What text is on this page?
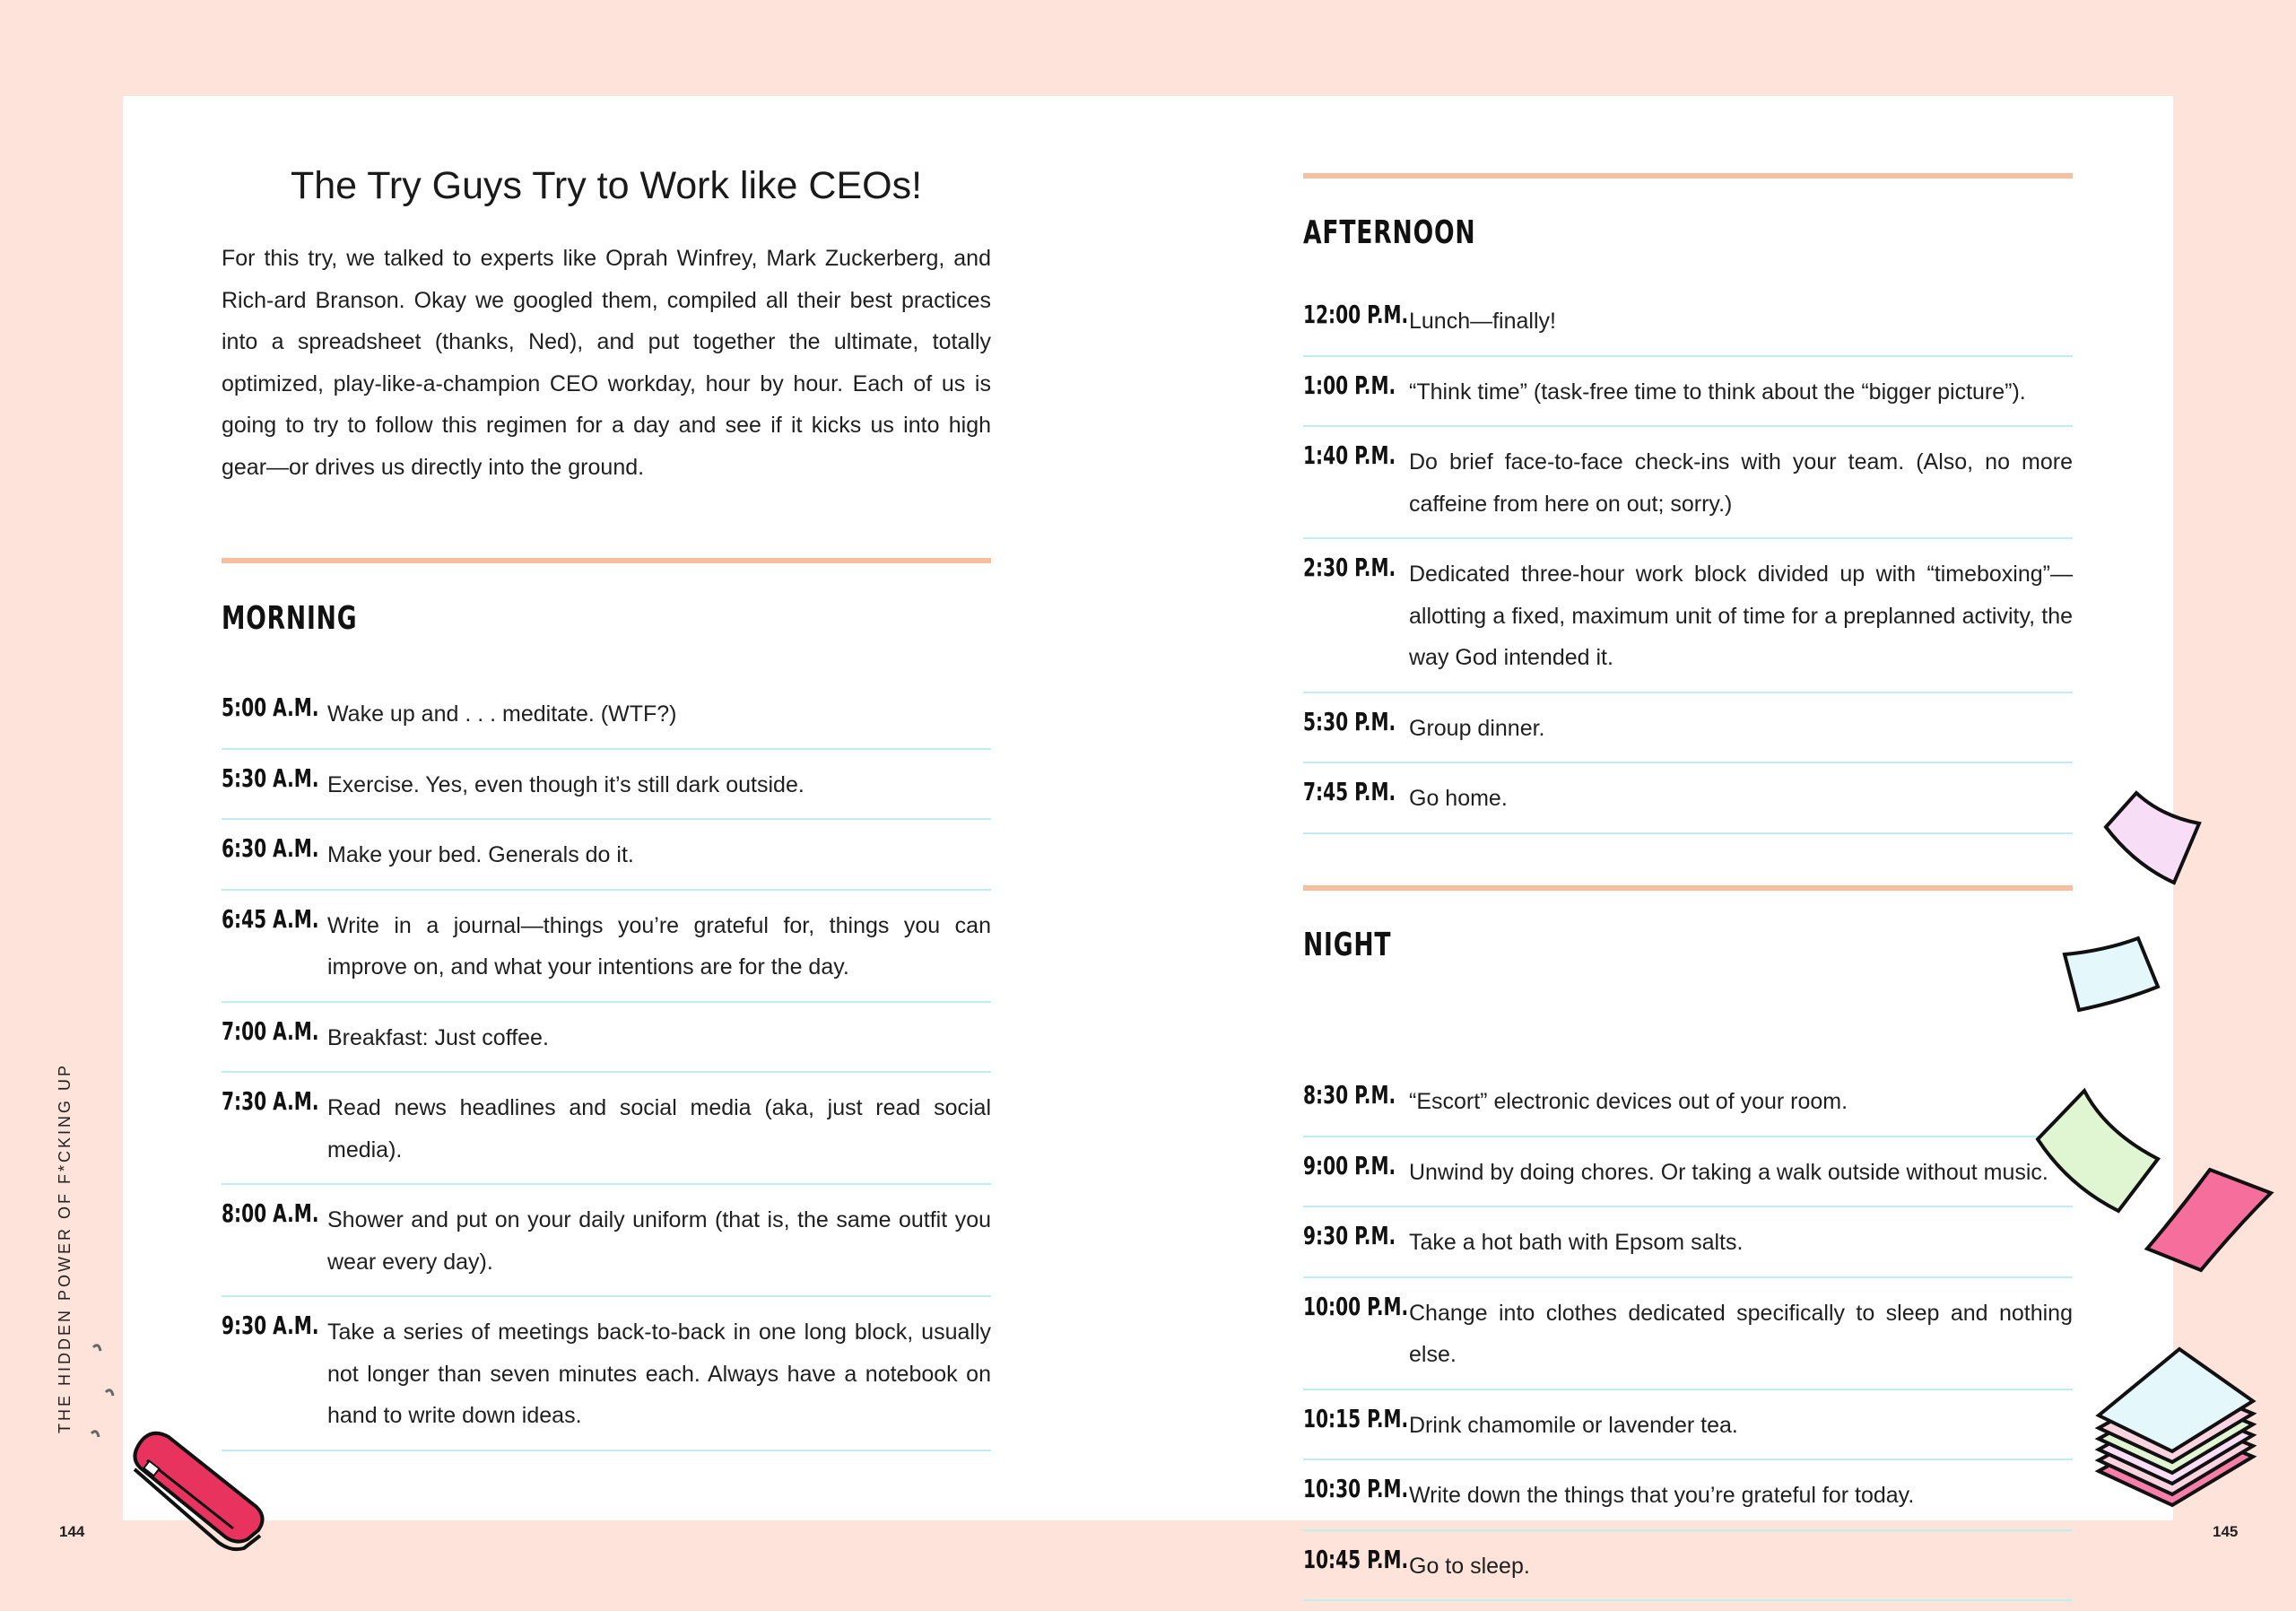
The Try Guys Try to Work like CEOs!

For this try, we talked to experts like Oprah Winfrey, Mark Zuckerberg, and Rich-ard Branson. Okay we googled them, compiled all their best practices into a spreadsheet (thanks, Ned), and put together the ultimate, totally optimized, play-like-a-champion CEO workday, hour by hour. Each of us is going to try to follow this regimen for a day and see if it kicks us into high gear—or drives us directly into the ground.

MORNING
5:00 A.M. Wake up and . . . meditate. (WTF?)
5:30 A.M. Exercise. Yes, even though it’s still dark outside.
6:30 A.M. Make your bed. Generals do it.
6:45 A.M. Write in a journal—things you’re grateful for, things you can improve on, and what your intentions are for the day.
7:00 A.M. Breakfast: Just coffee.
7:30 A.M. Read news headlines and social media (aka, just read social media).
8:00 A.M. Shower and put on your daily uniform (that is, the same outfit you wear every day).
9:30 A.M. Take a series of meetings back-to-back in one long block, usually not longer than seven minutes each. Always have a notebook on hand to write down ideas.
AFTERNOON
12:00 P.M. Lunch—finally!
1:00 P.M. “Think time” (task-free time to think about the “bigger picture”).
1:40 P.M. Do brief face-to-face check-ins with your team. (Also, no more caffeine from here on out; sorry.)
2:30 P.M. Dedicated three-hour work block divided up with “timeboxing”—allotting a fixed, maximum unit of time for a preplanned activity, the way God intended it.
5:30 P.M. Group dinner.
7:45 P.M. Go home.
NIGHT
8:30 P.M. “Escort” electronic devices out of your room.
9:00 P.M. Unwind by doing chores. Or taking a walk outside without music.
9:30 P.M. Take a hot bath with Epsom salts.
10:00 P.M. Change into clothes dedicated specifically to sleep and nothing else.
10:15 P.M. Drink chamomile or lavender tea.
10:30 P.M. Write down the things that you’re grateful for today.
10:45 P.M. Go to sleep.
THE HIDDEN POWER OF F*CKING UP
144	145
